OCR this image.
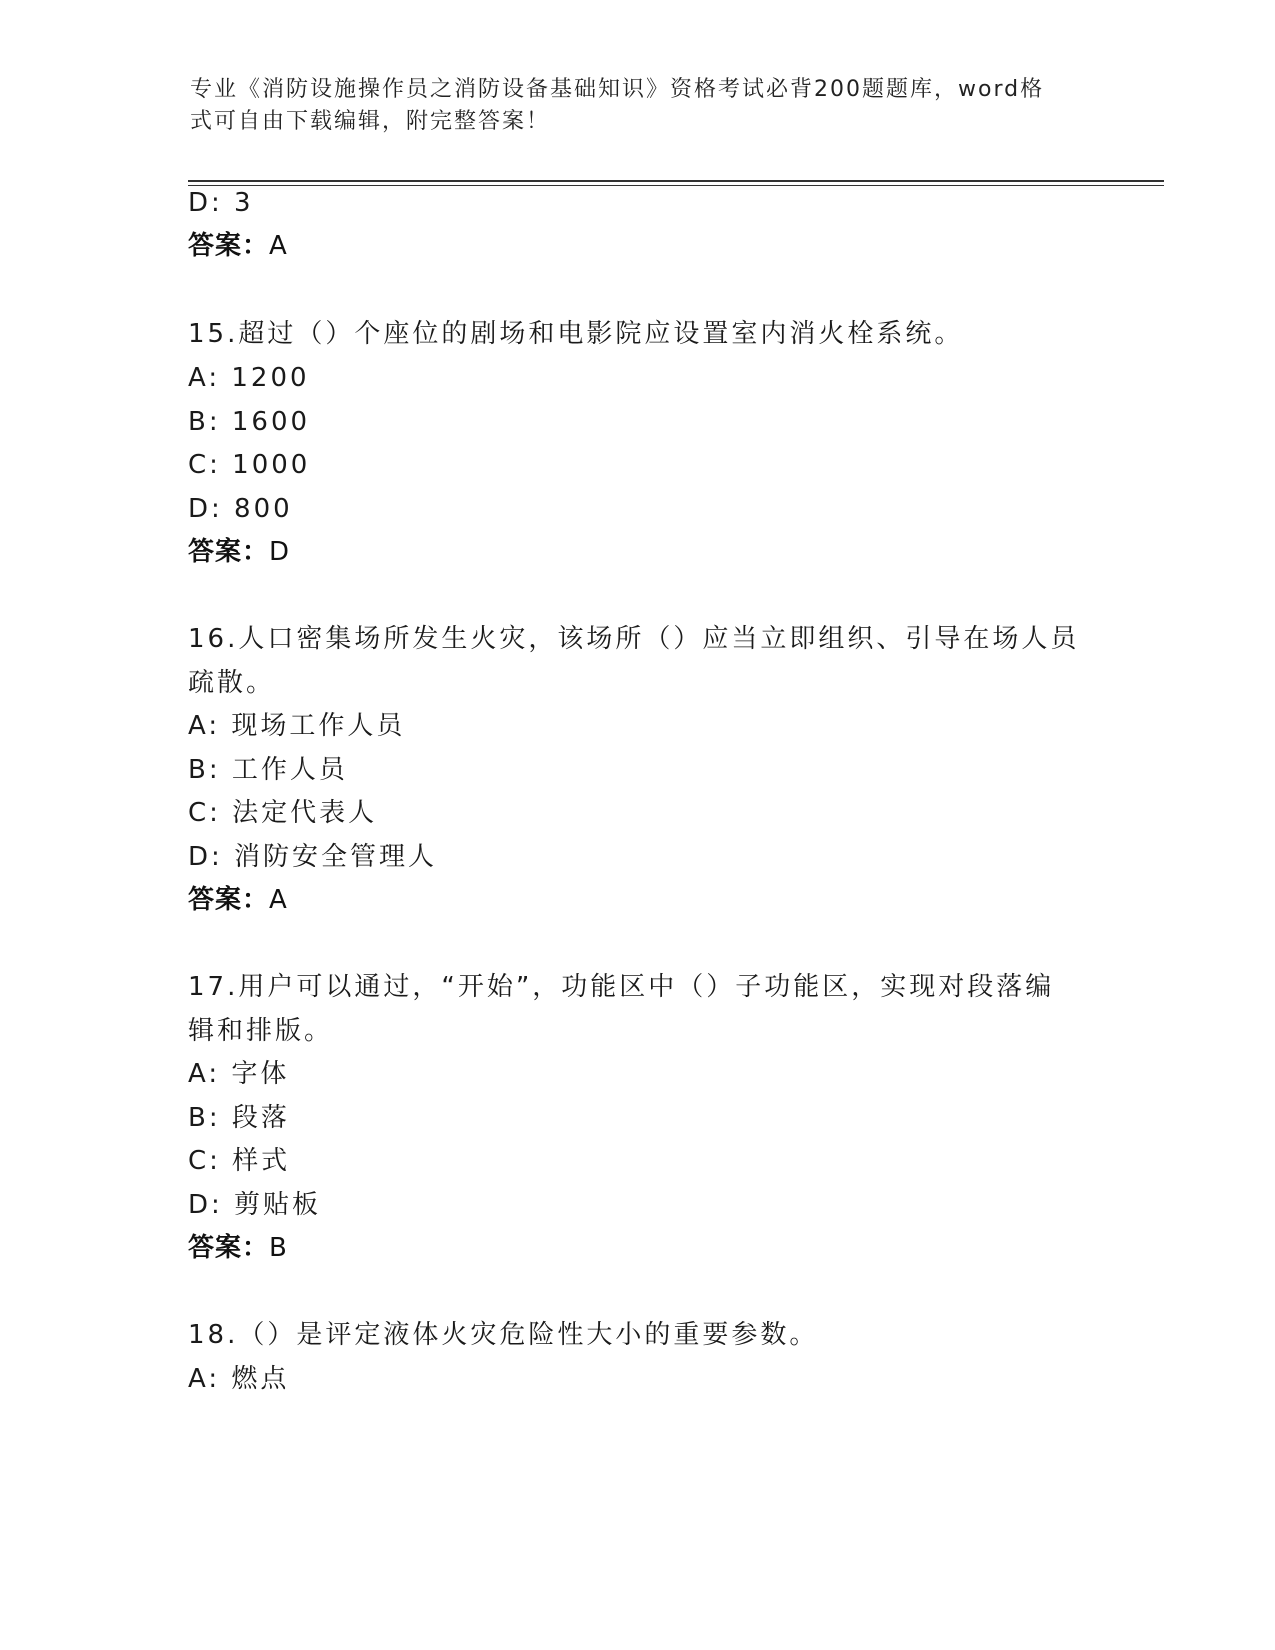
专业《消防设施操作员之消防设备基础知识》资格考试必背200题题库，word格
式可自由下载编辑，附完整答案！
D: 3
答案：A
15.超过（）个座位的剧场和电影院应设置室内消火栓系统。
A: 1200
B: 1600
C: 1000
D: 800
答案：D
16.人口密集场所发生火灾，该场所（）应当立即组织、引导在场人员
疏散。
A: 现场工作人员
B: 工作人员
C: 法定代表人
D: 消防安全管理人
答案：A
17.用户可以通过，“开始”，功能区中（）子功能区，实现对段落编
辑和排版。
A: 字体
B: 段落
C: 样式
D: 剪贴板
答案：B
18.（）是评定液体火灾危险性大小的重要参数。
A: 燃点
